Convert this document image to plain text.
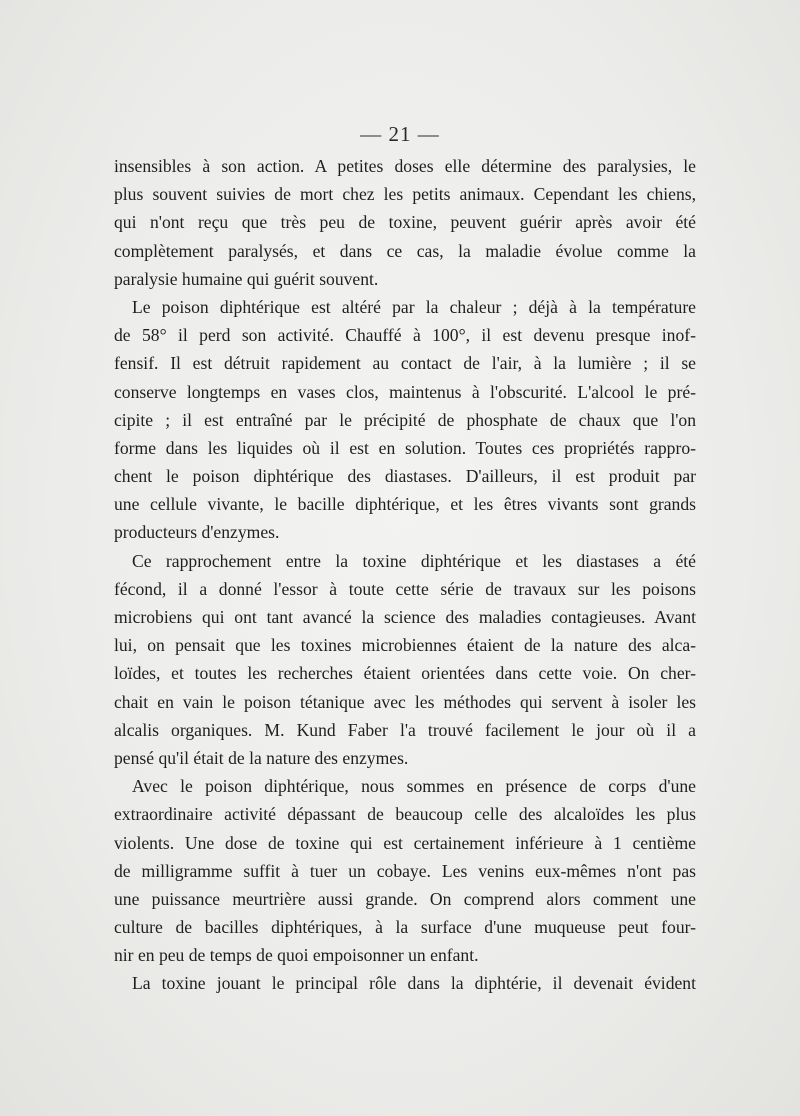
— 21 —
insensibles à son action. A petites doses elle détermine des paralysies, le
plus souvent suivies de mort chez les petits animaux. Cependant les chiens,
qui n'ont reçu que très peu de toxine, peuvent guérir après avoir été
complètement paralysés, et dans ce cas, la maladie évolue comme la
paralysie humaine qui guérit souvent.
Le poison diphtérique est altéré par la chaleur ; déjà à la température
de 58° il perd son activité. Chauffé à 100°, il est devenu presque inof-
fensif. Il est détruit rapidement au contact de l'air, à la lumière ; il se
conserve longtemps en vases clos, maintenus à l'obscurité. L'alcool le pré-
cipite ; il est entraîné par le précipité de phosphate de chaux que l'on
forme dans les liquides où il est en solution. Toutes ces propriétés rappro-
chent le poison diphtérique des diastases. D'ailleurs, il est produit par
une cellule vivante, le bacille diphtérique, et les êtres vivants sont grands
producteurs d'enzymes.
Ce rapprochement entre la toxine diphtérique et les diastases a été
fécond, il a donné l'essor à toute cette série de travaux sur les poisons
microbiens qui ont tant avancé la science des maladies contagieuses. Avant
lui, on pensait que les toxines microbiennes étaient de la nature des alca-
loïdes, et toutes les recherches étaient orientées dans cette voie. On cher-
chait en vain le poison tétanique avec les méthodes qui servent à isoler les
alcalis organiques. M. Kund Faber l'a trouvé facilement le jour où il a
pensé qu'il était de la nature des enzymes.
Avec le poison diphtérique, nous sommes en présence de corps d'une
extraordinaire activité dépassant de beaucoup celle des alcaloïdes les plus
violents. Une dose de toxine qui est certainement inférieure à 1 centième
de milligramme suffit à tuer un cobaye. Les venins eux-mêmes n'ont pas
une puissance meurtrière aussi grande. On comprend alors comment une
culture de bacilles diphtériques, à la surface d'une muqueuse peut four-
nir en peu de temps de quoi empoisonner un enfant.
La toxine jouant le principal rôle dans la diphtérie, il devenait évident
